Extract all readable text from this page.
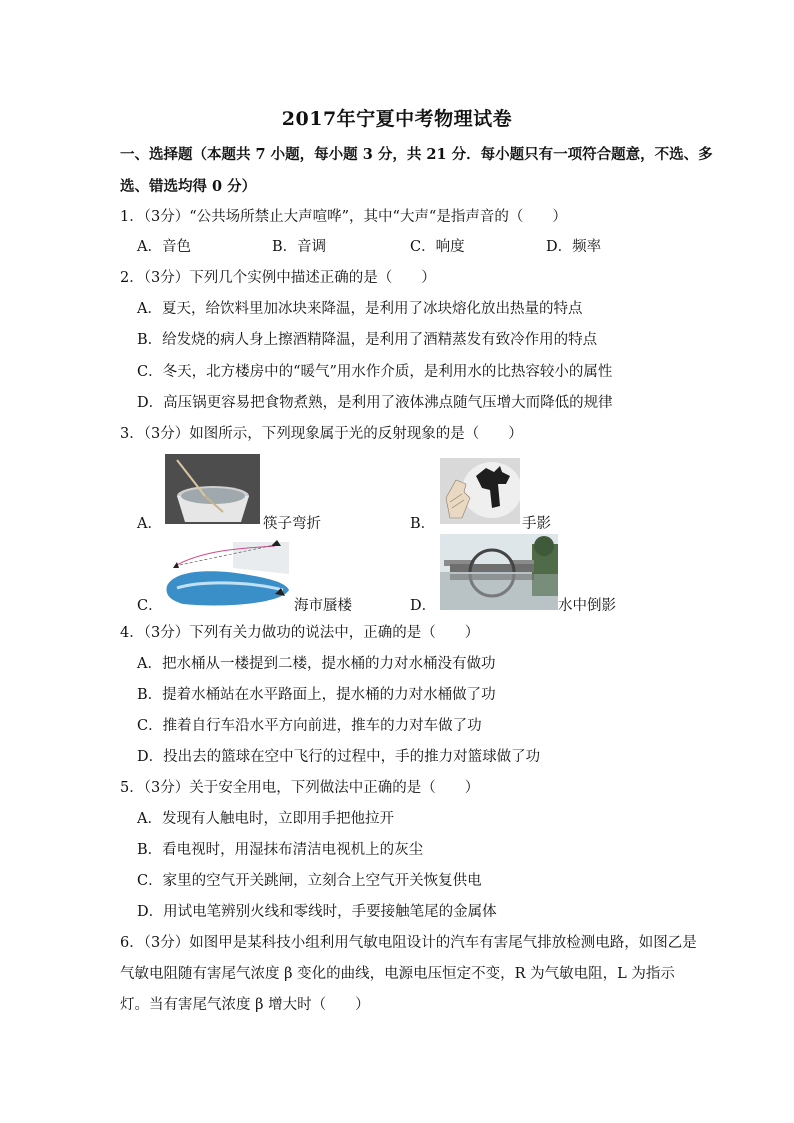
2017年宁夏中考物理试卷
一、选择题（本题共 7 小题，每小题 3 分，共 21 分．每小题只有一项符合题意，不选、多
选、错选均得 0 分）
1．（3分）“公共场所禁止大声喧哗”，其中“大声“是指声音的（　　）
A．音色	B．音调	C．响度	D．频率
2．（3分）下列几个实例中描述正确的是（　　）
A．夏天，给饮料里加冰块来降温，是利用了冰块熔化放出热量的特点
B．给发烧的病人身上擦酒精降温，是利用了酒精蒸发有致冷作用的特点
C．冬天，北方楼房中的“暖气”用水作介质，是利用水的比热容较小的属性
D．高压锅更容易把食物煮熟，是利用了液体沸点随气压增大而降低的规律
3．（3分）如图所示，下列现象属于光的反射现象的是（　　）
A．	筷子弯折	B．	手影
C．	海市蜃楼	D．	水中倒影
4．（3分）下列有关力做功的说法中，正确的是（　　）
A．把水桶从一楼提到二楼，提水桶的力对水桶没有做功
B．提着水桶站在水平路面上，提水桶的力对水桶做了功
C．推着自行车沿水平方向前进，推车的力对车做了功
D．投出去的篮球在空中飞行的过程中，手的推力对篮球做了功
5．（3分）关于安全用电，下列做法中正确的是（　　）
A．发现有人触电时，立即用手把他拉开
B．看电视时，用湿抹布清洁电视机上的灰尘
C．家里的空气开关跳闸，立刻合上空气开关恢复供电
D．用试电笔辨别火线和零线时，手要接触笔尾的金属体
6．（3分）如图甲是某科技小组利用气敏电阻设计的汽车有害尾气排放检测电路，如图乙是
气敏电阻随有害尾气浓度 β 变化的曲线，电源电压恒定不变，R 为气敏电阻，L 为指示
灯。当有害尾气浓度 β 增大时（　　）
